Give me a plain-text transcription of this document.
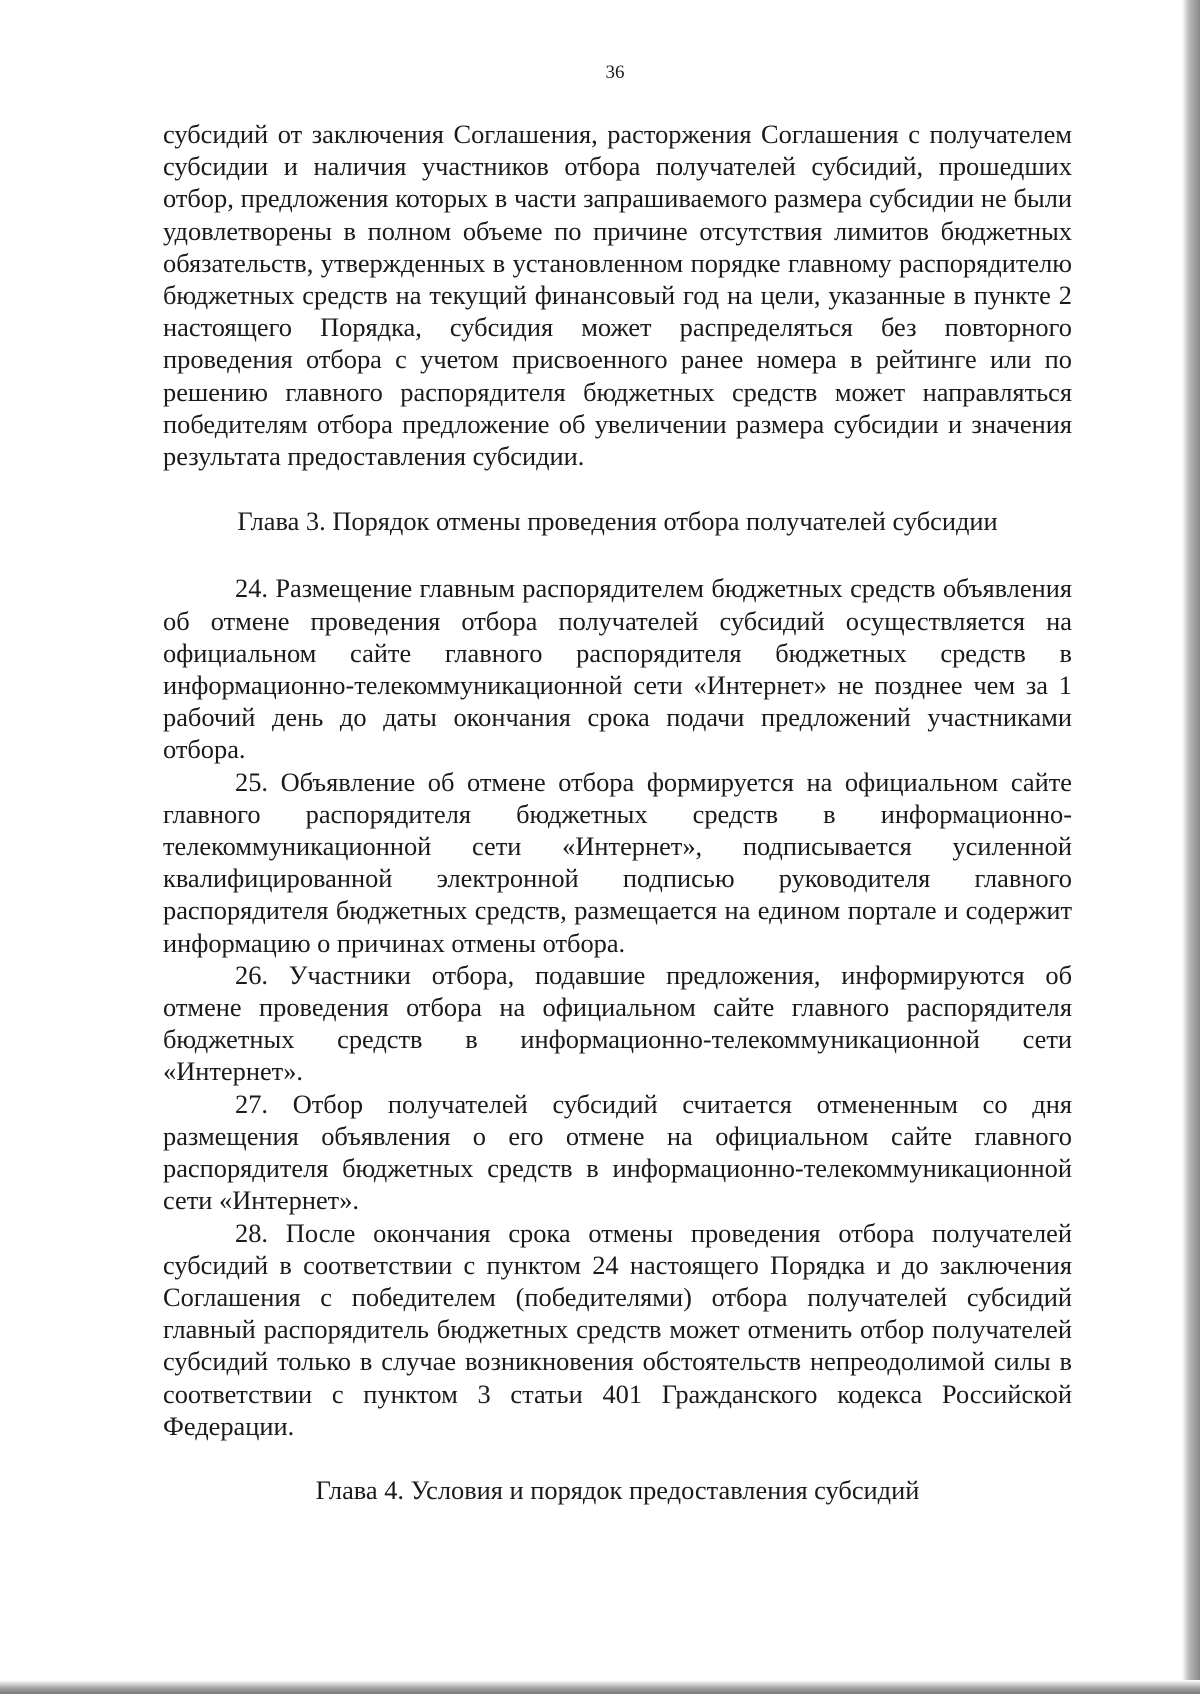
36

субсидий от заключения Соглашения, расторжения Соглашения с получателем субсидии и наличия участников отбора получателей субсидий, прошедших отбор, предложения которых в части запрашиваемого размера субсидии не были удовлетворены в полном объеме по причине отсутствия лимитов бюджетных обязательств, утвержденных в установленном порядке главному распорядителю бюджетных средств на текущий финансовый год на цели, указанные в пункте 2 настоящего Порядка, субсидия может распределяться без повторного проведения отбора с учетом присвоенного ранее номера в рейтинге или по решению главного распорядителя бюджетных средств может направляться победителям отбора предложение об увеличении размера субсидии и значения результата предоставления субсидии.

Глава 3. Порядок отмены проведения отбора получателей субсидии

24. Размещение главным распорядителем бюджетных средств объявления об отмене проведения отбора получателей субсидий осуществляется на официальном сайте главного распорядителя бюджетных средств в информационно-телекоммуникационной сети «Интернет» не позднее чем за 1 рабочий день до даты окончания срока подачи предложений участниками отбора.

25. Объявление об отмене отбора формируется на официальном сайте главного распорядителя бюджетных средств в информационно-телекоммуникационной сети «Интернет», подписывается усиленной квалифицированной электронной подписью руководителя главного распорядителя бюджетных средств, размещается на едином портале и содержит информацию о причинах отмены отбора.

26. Участники отбора, подавшие предложения, информируются об отмене проведения отбора на официальном сайте главного распорядителя бюджетных средств в информационно-телекоммуникационной сети «Интернет».

27. Отбор получателей субсидий считается отмененным со дня размещения объявления о его отмене на официальном сайте главного распорядителя бюджетных средств в информационно-телекоммуникационной сети «Интернет».

28. После окончания срока отмены проведения отбора получателей субсидий в соответствии с пунктом 24 настоящего Порядка и до заключения Соглашения с победителем (победителями) отбора получателей субсидий главный распорядитель бюджетных средств может отменить отбор получателей субсидий только в случае возникновения обстоятельств непреодолимой силы в соответствии с пунктом 3 статьи 401 Гражданского кодекса Российской Федерации.

Глава 4. Условия и порядок предоставления субсидий
